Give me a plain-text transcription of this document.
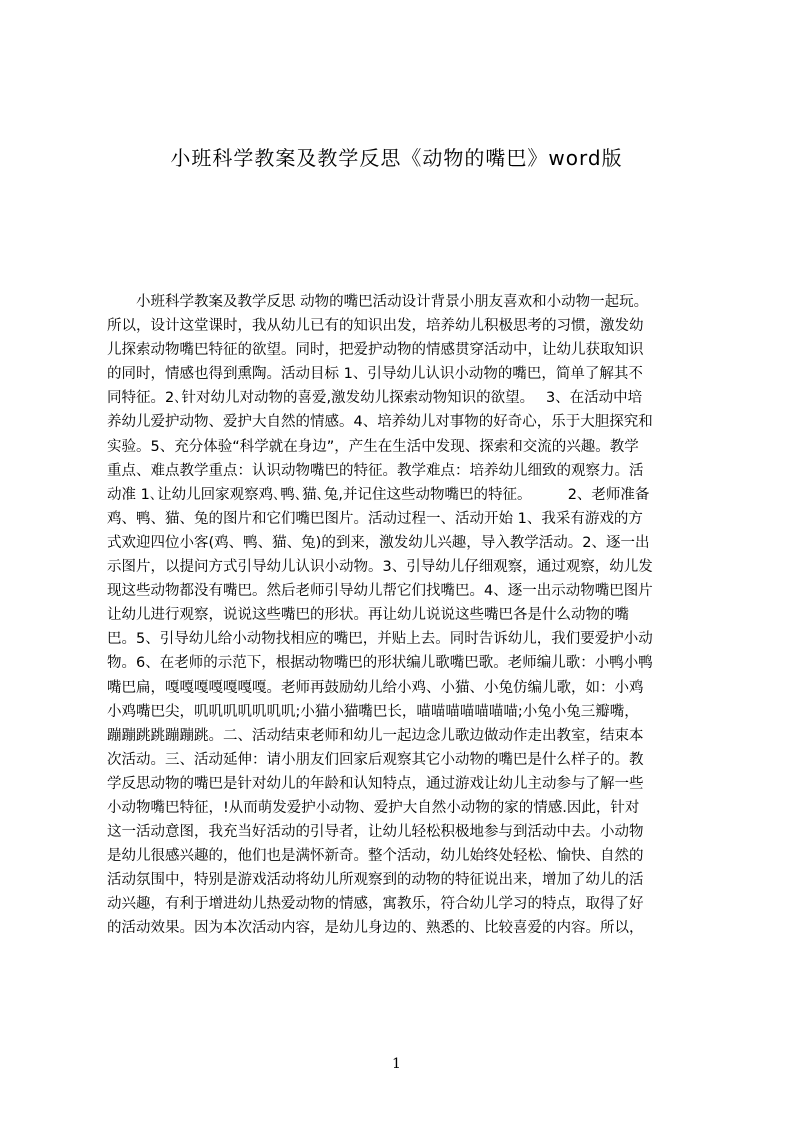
小班科学教案及教学反思《动物的嘴巴》word版
　　小班科学教案及教学反思 动物的嘴巴活动设计背景小朋友喜欢和小动物一起玩。
所以，设计这堂课时，我从幼儿已有的知识出发，培养幼儿积极思考的习惯，激发幼
儿探索动物嘴巴特征的欲望。同时，把爱护动物的情感贯穿活动中，让幼儿获取知识
的同时，情感也得到熏陶。活动目标 1、引导幼儿认识小动物的嘴巴，简单了解其不
同特征。2､针对幼儿对动物的喜爱,激发幼儿探索动物知识的欲望。　 3、在活动中培
养幼儿爱护动物、爱护大自然的情感。4、培养幼儿对事物的好奇心，乐于大胆探究和
实验。5、充分体验“科学就在身边”，产生在生活中发现、探索和交流的兴趣。教学
重点、难点教学重点：认识动物嘴巴的特征。教学难点：培养幼儿细致的观察力。活
动准 1､让幼儿回家观察鸡､鸭､猫､兔,并记住这些动物嘴巴的特征。　　　2、老师准备
鸡、鸭、猫、兔的图片和它们嘴巴图片。活动过程一、活动开始 1、我采有游戏的方
式欢迎四位小客(鸡、鸭、猫、兔)的到来，激发幼儿兴趣，导入教学活动。2、逐一出
示图片，以提问方式引导幼儿认识小动物。3、引导幼儿仔细观察，通过观察，幼儿发
现这些动物都没有嘴巴。然后老师引导幼儿帮它们找嘴巴。4、逐一出示动物嘴巴图片
让幼儿进行观察，说说这些嘴巴的形状。再让幼儿说说这些嘴巴各是什么动物的嘴
巴。5、引导幼儿给小动物找相应的嘴巴，并贴上去。同时告诉幼儿，我们要爱护小动
物。6、在老师的示范下，根据动物嘴巴的形状编儿歌嘴巴歌。老师编儿歌：小鸭小鸭
嘴巴扁，嘎嘎嘎嘎嘎嘎嘎。老师再鼓励幼儿给小鸡、小猫、小兔仿编儿歌，如：小鸡
小鸡嘴巴尖，叽叽叽叽叽叽叽;小猫小猫嘴巴长，喵喵喵喵喵喵喵;小兔小兔三瓣嘴，
蹦蹦跳跳蹦蹦跳。二、活动结束老师和幼儿一起边念儿歌边做动作走出教室，结束本
次活动。三、活动延伸：请小朋友们回家后观察其它小动物的嘴巴是什么样子的。教
学反思动物的嘴巴是针对幼儿的年龄和认知特点，通过游戏让幼儿主动参与了解一些
小动物嘴巴特征，!从而萌发爱护小动物、爱护大自然小动物的家的情感.因此，针对
这一活动意图，我充当好活动的引导者，让幼儿轻松积极地参与到活动中去。小动物
是幼儿很感兴趣的，他们也是满怀新奇。整个活动，幼儿始终处轻松、愉快、自然的
活动氛围中，特别是游戏活动将幼儿所观察到的动物的特征说出来，增加了幼儿的活
动兴趣，有利于增进幼儿热爱动物的情感，寓教乐，符合幼儿学习的特点，取得了好
的活动效果。因为本次活动内容，是幼儿身边的、熟悉的、比较喜爱的内容。所以，
1
